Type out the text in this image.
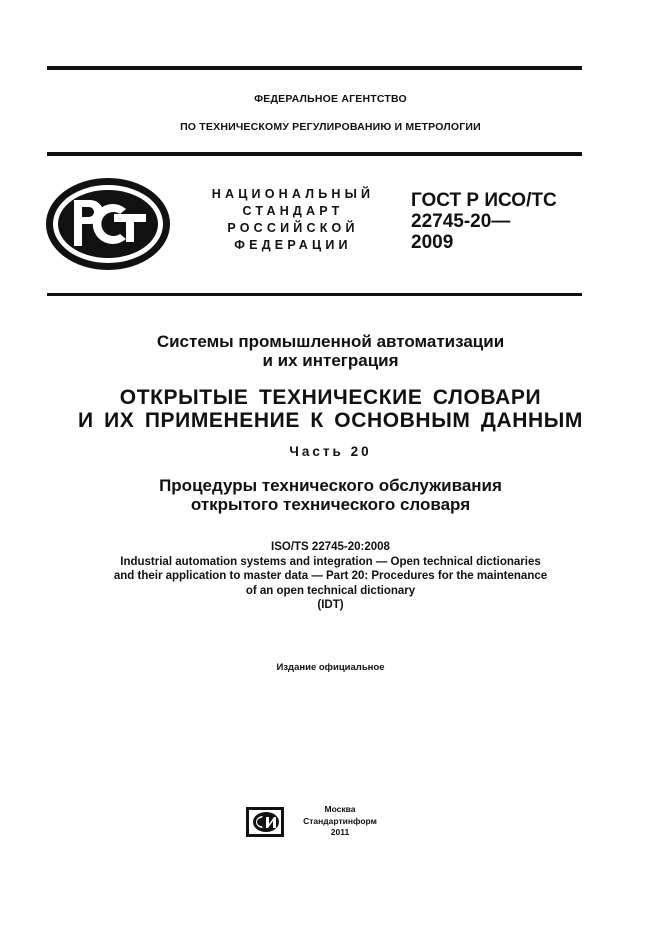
ФЕДЕРАЛЬНОЕ АГЕНТСТВО
ПО ТЕХНИЧЕСКОМУ РЕГУЛИРОВАНИЮ И МЕТРОЛОГИИ
НАЦИОНАЛЬНЫЙ
СТАНДАРТ
РОССИЙСКОЙ
ФЕДЕРАЦИИ
ГОСТ Р ИСО/ТС
22745-20—
2009
Системы промышленной автоматизации
и их интеграция
ОТКРЫТЫЕ ТЕХНИЧЕСКИЕ СЛОВАРИ
И ИХ ПРИМЕНЕНИЕ К ОСНОВНЫМ ДАННЫМ
Часть 20
Процедуры технического обслуживания
открытого технического словаря
ISO/TS 22745-20:2008
Industrial automation systems and integration — Open technical dictionaries
and their application to master data — Part 20: Procedures for the maintenance
of an open technical dictionary
(IDT)
Издание официальное
Москва
Стандартинформ
2011
